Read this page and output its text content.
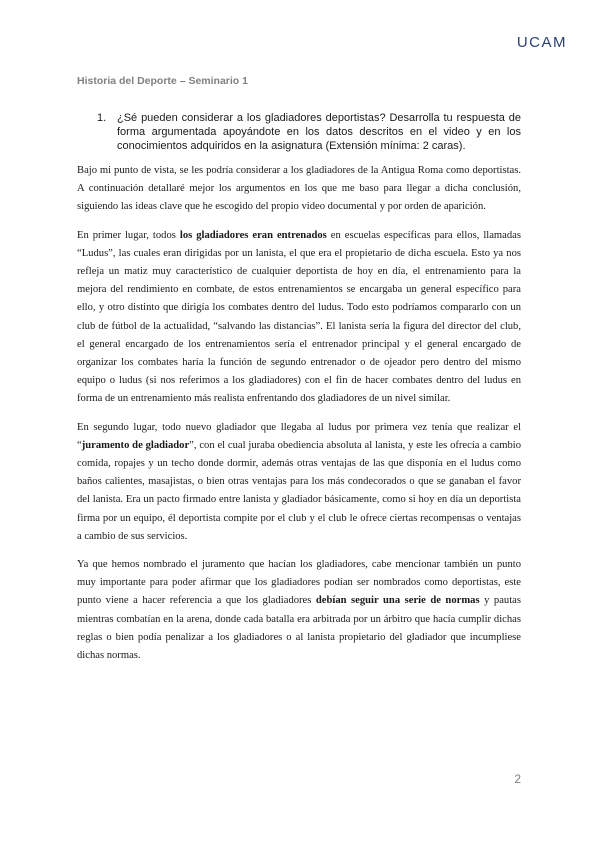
UCAM
Historia del Deporte – Seminario 1
1. ¿Sé pueden considerar a los gladiadores deportistas? Desarrolla tu respuesta de forma argumentada apoyándote en los datos descritos en el video y en los conocimientos adquiridos en la asignatura (Extensión mínima: 2 caras).

Bajo mi punto de vista, se les podría considerar a los gladiadores de la Antigua Roma como deportistas. A continuación detallaré mejor los argumentos en los que me baso para llegar a dicha conclusión, siguiendo las ideas clave que he escogido del propio video documental y por orden de aparición.

En primer lugar, todos los gladiadores eran entrenados en escuelas específicas para ellos, llamadas “Ludus”, las cuales eran dirigidas por un lanista, el que era el propietario de dicha escuela. Esto ya nos refleja un matiz muy característico de cualquier deportista de hoy en día, el entrenamiento para la mejora del rendimiento en combate, de estos entrenamientos se encargaba un general específico para ello, y otro distinto que dirigía los combates dentro del ludus. Todo esto podríamos compararlo con un club de fútbol de la actualidad, “salvando las distancias”. El lanista sería la figura del director del club, el general encargado de los entrenamientos sería el entrenador principal y el general encargado de organizar los combates haría la función de segundo entrenador o de ojeador pero dentro del mismo equipo o ludus (si nos referimos a los gladiadores) con el fin de hacer combates dentro del ludus en forma de un entrenamiento más realista enfrentando dos gladiadores de un nivel similar.

En segundo lugar, todo nuevo gladiador que llegaba al ludus por primera vez tenía que realizar el “juramento de gladiador”, con el cual juraba obediencia absoluta al lanista, y este les ofrecía a cambio comida, ropajes y un techo donde dormir, además otras ventajas de las que disponía en el ludus como baños calientes, masajistas, o bien otras ventajas para los más condecorados o que se ganaban el favor del lanista. Era un pacto firmado entre lanista y gladiador básicamente, como si hoy en día un deportista firma por un equipo, él deportista compite por el club y el club le ofrece ciertas recompensas o ventajas a cambio de sus servicios.

Ya que hemos nombrado el juramento que hacían los gladiadores, cabe mencionar también un punto muy importante para poder afirmar que los gladiadores podían ser nombrados como deportistas, este punto viene a hacer referencia a que los gladiadores debían seguir una serie de normas y pautas mientras combatían en la arena, donde cada batalla era arbitrada por un árbitro que hacía cumplir dichas reglas o bien podía penalizar a los gladiadores o al lanista propietario del gladiador que incumpliese dichas normas.

2
